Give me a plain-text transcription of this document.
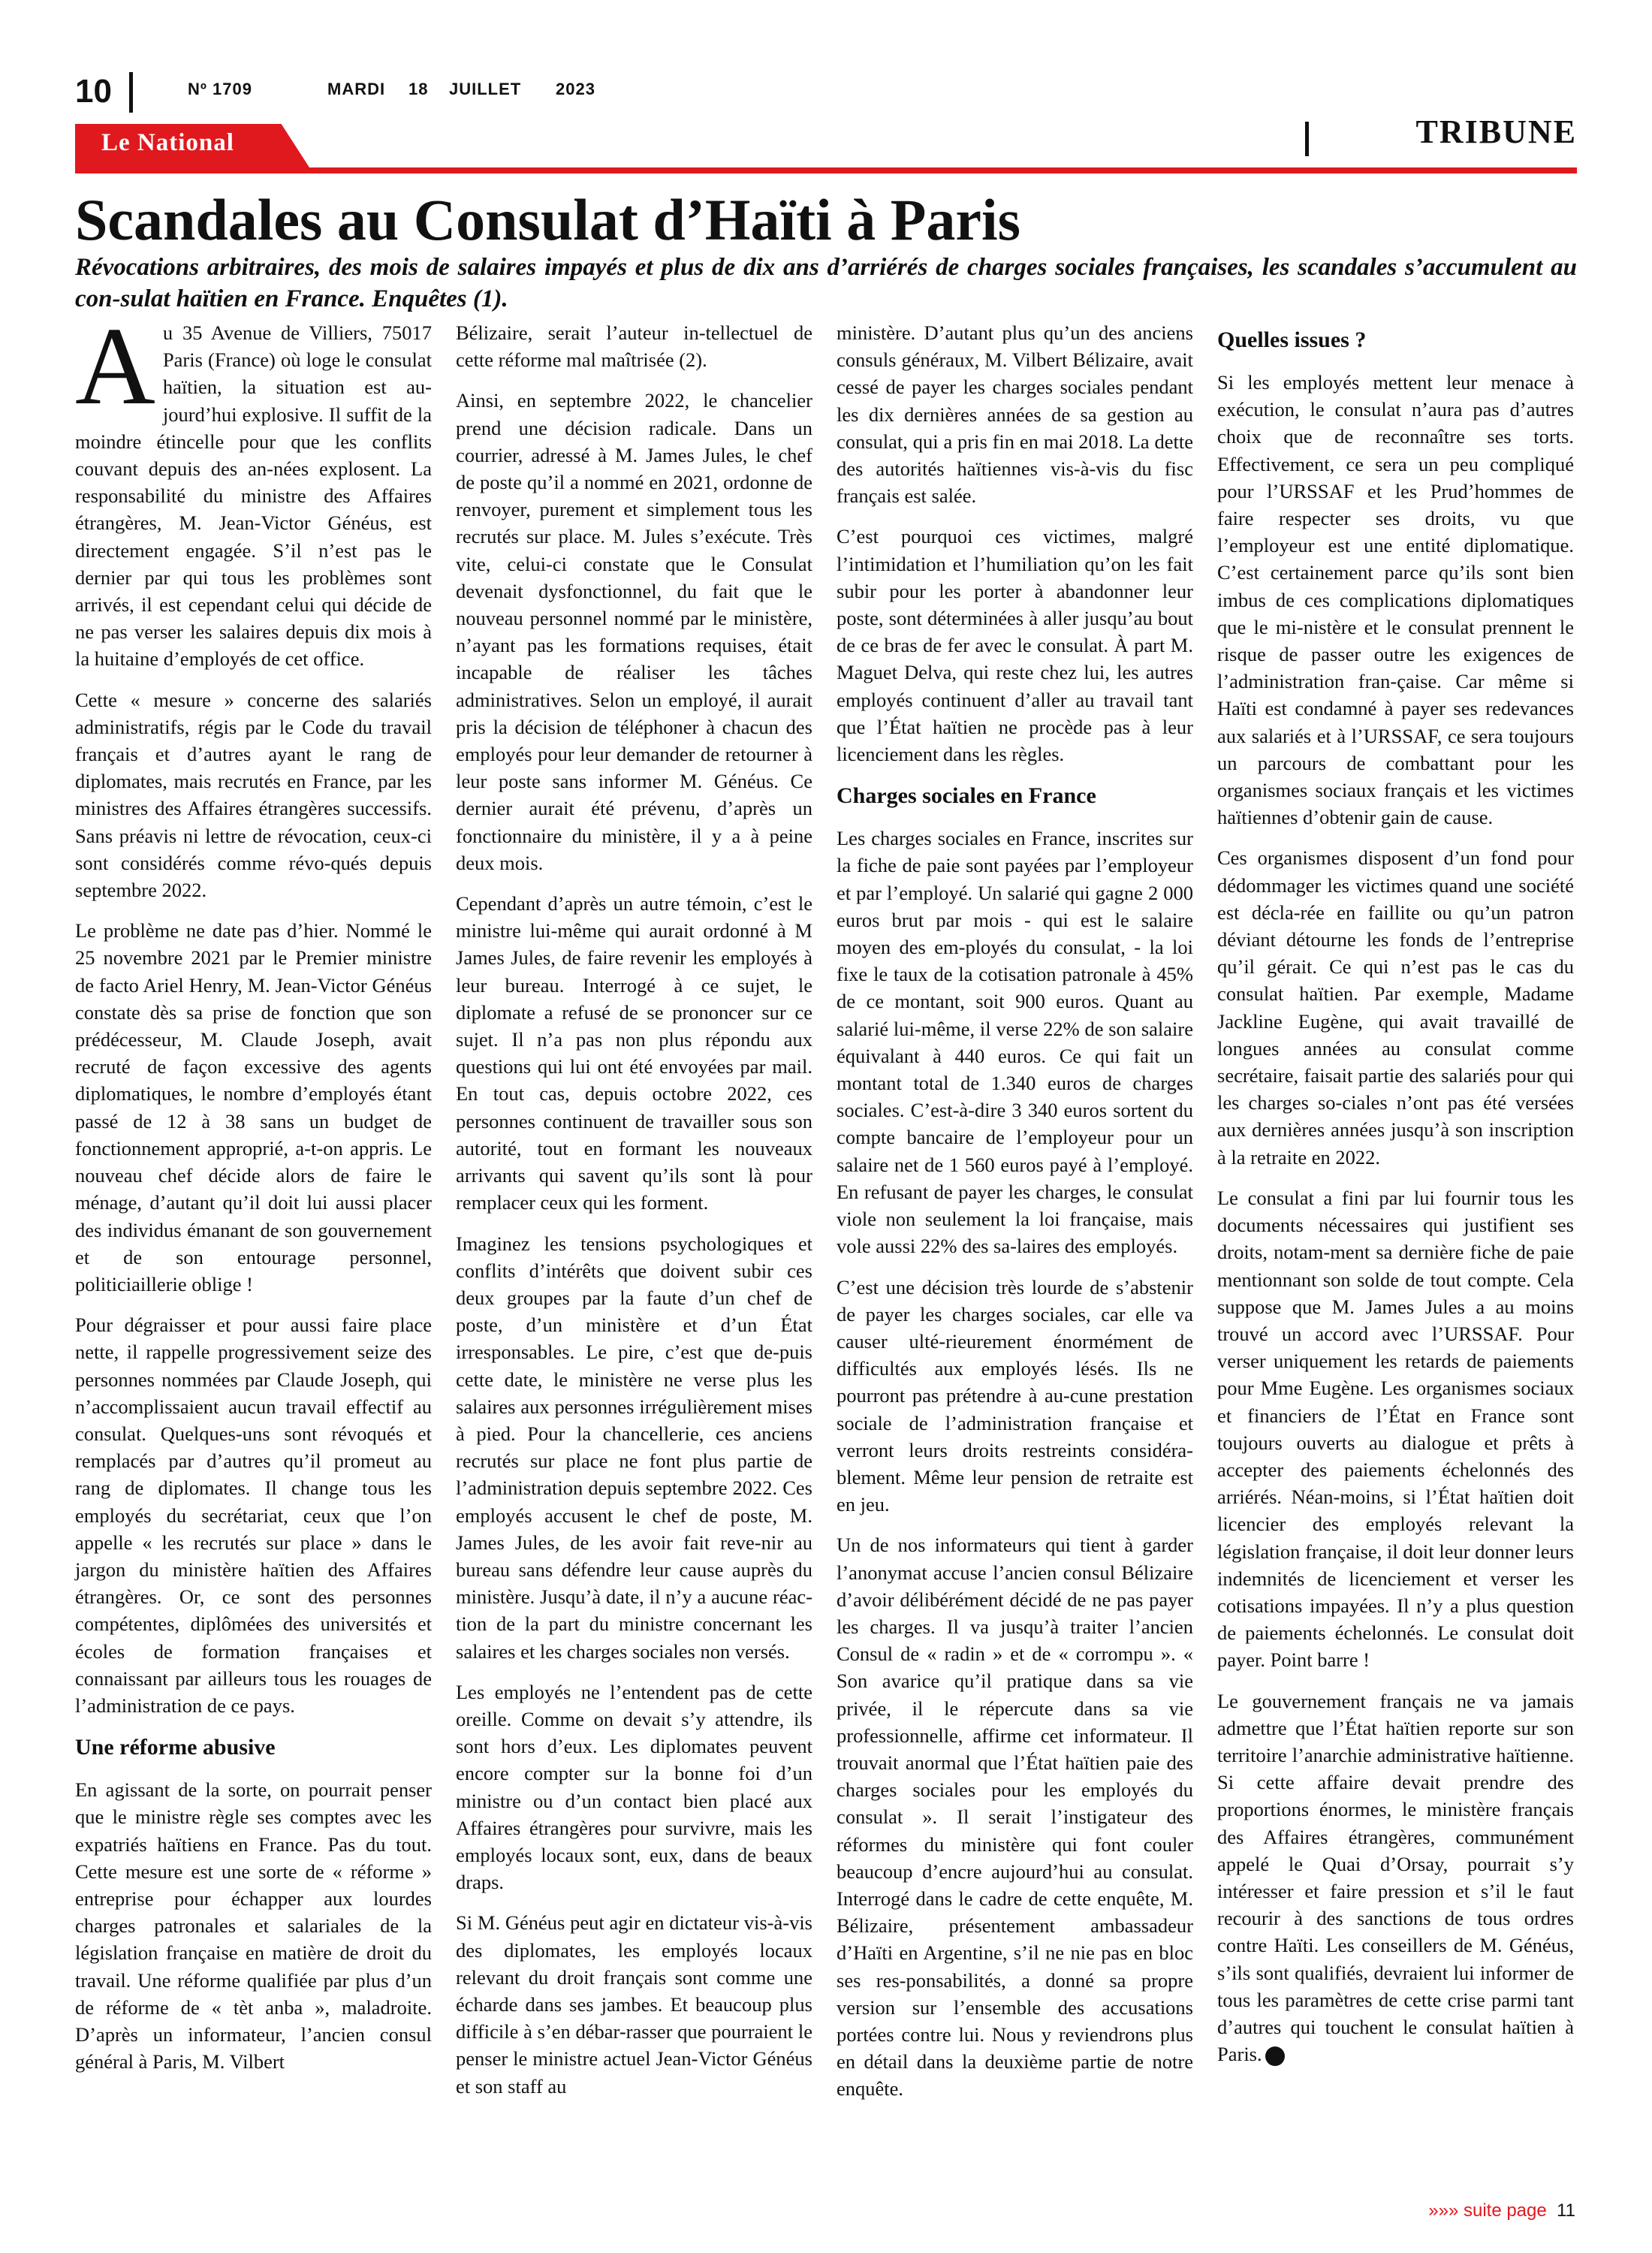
10	Nº 1709	MARDI 18 JUILLET 2023
Le National	TRIBUNE
Scandales au Consulat d’Haïti à Paris

Révocations arbitraires, des mois de salaires impayés et plus de dix ans d’arriérés de charges sociales françaises, les scandales s’accumulent au con-sulat haïtien en France. Enquêtes (1).

Au 35 Avenue de Villiers, 75017 Paris (France) où loge le consulat haïtien, la situation est au-jourd’hui explosive. Il suffit de la moindre étincelle pour que les conflits couvant depuis des an-nées explosent. La responsabilité du ministre des Affaires étrangères, M. Jean-Victor Généus, est directement engagée. S’il n’est pas le dernier par qui tous les problèmes sont arrivés, il est cependant celui qui décide de ne pas verser les salaires depuis dix mois à la huitaine d’employés de cet office.

Cette « mesure » concerne des salariés administratifs, régis par le Code du travail français et d’autres ayant le rang de diplomates, mais recrutés en France, par les ministres des Affaires étrangères successifs. Sans préavis ni lettre de révocation, ceux-ci sont considérés comme révo-qués depuis septembre 2022.

Le problème ne date pas d’hier. Nommé le 25 novembre 2021 par le Premier ministre de facto Ariel Henry, M. Jean-Victor Généus constate dès sa prise de fonction que son prédécesseur, M. Claude Joseph, avait recruté de façon excessive des agents diplomatiques, le nombre d’employés étant passé de 12 à 38 sans un budget de fonctionnement approprié, a-t-on appris. Le nouveau chef décide alors de faire le ménage, d’autant qu’il doit lui aussi placer des individus émanant de son gouvernement et de son entourage personnel, politiciaillerie oblige !

Pour dégraisser et pour aussi faire place nette, il rappelle progressivement seize des personnes nommées par Claude Joseph, qui n’accomplissaient aucun travail effectif au consulat. Quelques-uns sont révoqués et remplacés par d’autres qu’il promeut au rang de diplomates. Il change tous les employés du secrétariat, ceux que l’on appelle « les recrutés sur place » dans le jargon du ministère haïtien des Affaires étrangères. Or, ce sont des personnes compétentes, diplômées des universités et écoles de formation françaises et connaissant par ailleurs tous les rouages de l’administration de ce pays.

Une réforme abusive

En agissant de la sorte, on pourrait penser que le ministre règle ses comptes avec les expatriés haïtiens en France. Pas du tout. Cette mesure est une sorte de « réforme » entreprise pour échapper aux lourdes charges patronales et salariales de la législation française en matière de droit du travail. Une réforme qualifiée par plus d’un de réforme de « tèt anba », maladroite. D’après un informateur, l’ancien consul général à Paris, M. Vilbert

Bélizaire, serait l’auteur in-tellectuel de cette réforme mal maîtrisée (2).

Ainsi, en septembre 2022, le chancelier prend une décision radicale. Dans un courrier, adressé à M. James Jules, le chef de poste qu’il a nommé en 2021, ordonne de renvoyer, purement et simplement tous les recrutés sur place. M. Jules s’exécute. Très vite, celui-ci constate que le Consulat devenait dysfonctionnel, du fait que le nouveau personnel nommé par le ministère, n’ayant pas les formations requises, était incapable de réaliser les tâches administratives. Selon un employé, il aurait pris la décision de téléphoner à chacun des employés pour leur demander de retourner à leur poste sans informer M. Généus. Ce dernier aurait été prévenu, d’après un fonctionnaire du ministère, il y a à peine deux mois.

Cependant d’après un autre témoin, c’est le ministre lui-même qui aurait ordonné à M James Jules, de faire revenir les employés à leur bureau. Interrogé à ce sujet, le diplomate a refusé de se prononcer sur ce sujet. Il n’a pas non plus répondu aux questions qui lui ont été envoyées par mail. En tout cas, depuis octobre 2022, ces personnes continuent de travailler sous son autorité, tout en formant les nouveaux arrivants qui savent qu’ils sont là pour remplacer ceux qui les forment.

Imaginez les tensions psychologiques et conflits d’intérêts que doivent subir ces deux groupes par la faute d’un chef de poste, d’un ministère et d’un État irresponsables. Le pire, c’est que de-puis cette date, le ministère ne verse plus les salaires aux personnes irrégulièrement mises à pied. Pour la chancellerie, ces anciens recrutés sur place ne font plus partie de l’administration depuis septembre 2022. Ces employés accusent le chef de poste, M. James Jules, de les avoir fait reve-nir au bureau sans défendre leur cause auprès du ministère. Jusqu’à date, il n’y a aucune réac-tion de la part du ministre concernant les salaires et les charges sociales non versés.

Les employés ne l’entendent pas de cette oreille. Comme on devait s’y attendre, ils sont hors d’eux. Les diplomates peuvent encore compter sur la bonne foi d’un ministre ou d’un contact bien placé aux Affaires étrangères pour survivre, mais les employés locaux sont, eux, dans de beaux draps.

Si M. Généus peut agir en dictateur vis-à-vis des diplomates, les employés locaux relevant du droit français sont comme une écharde dans ses jambes. Et beaucoup plus difficile à s’en débar-rasser que pourraient le penser le ministre actuel Jean-Victor Généus et son staff au

ministère. D’autant plus qu’un des anciens consuls généraux, M. Vilbert Bélizaire, avait cessé de payer les charges sociales pendant les dix dernières années de sa gestion au consulat, qui a pris fin en mai 2018. La dette des autorités haïtiennes vis-à-vis du fisc français est salée.

C’est pourquoi ces victimes, malgré l’intimidation et l’humiliation qu’on les fait subir pour les porter à abandonner leur poste, sont déterminées à aller jusqu’au bout de ce bras de fer avec le consulat. À part M. Maguet Delva, qui reste chez lui, les autres employés continuent d’aller au travail tant que l’État haïtien ne procède pas à leur licenciement dans les règles.

Charges sociales en France

Les charges sociales en France, inscrites sur la fiche de paie sont payées par l’employeur et par l’employé. Un salarié qui gagne 2 000 euros brut par mois - qui est le salaire moyen des em-ployés du consulat, - la loi fixe le taux de la cotisation patronale à 45% de ce montant, soit 900 euros. Quant au salarié lui-même, il verse 22% de son salaire équivalant à 440 euros. Ce qui fait un montant total de 1.340 euros de charges sociales. C’est-à-dire 3 340 euros sortent du compte bancaire de l’employeur pour un salaire net de 1 560 euros payé à l’employé. En refusant de payer les charges, le consulat viole non seulement la loi française, mais vole aussi 22% des sa-laires des employés.

C’est une décision très lourde de s’abstenir de payer les charges sociales, car elle va causer ulté-rieurement énormément de difficultés aux employés lésés. Ils ne pourront pas prétendre à au-cune prestation sociale de l’administration française et verront leurs droits restreints considéra-blement. Même leur pension de retraite est en jeu.

Un de nos informateurs qui tient à garder l’anonymat accuse l’ancien consul Bélizaire d’avoir délibérément décidé de ne pas payer les charges. Il va jusqu’à traiter l’ancien Consul de « radin » et de « corrompu ». « Son avarice qu’il pratique dans sa vie privée, il le répercute dans sa vie professionnelle, affirme cet informateur. Il trouvait anormal que l’État haïtien paie des charges sociales pour les employés du consulat ». Il serait l’instigateur des réformes du ministère qui font couler beaucoup d’encre aujourd’hui au consulat. Interrogé dans le cadre de cette enquête, M. Bélizaire, présentement ambassadeur d’Haïti en Argentine, s’il ne nie pas en bloc ses res-ponsabilités, a donné sa propre version sur l’ensemble des accusations portées contre lui. Nous y reviendrons plus en détail dans la deuxième partie de notre enquête.

Quelles issues ?

Si les employés mettent leur menace à exécution, le consulat n’aura pas d’autres choix que de reconnaître ses torts. Effectivement, ce sera un peu compliqué pour l’URSSAF et les Prud’hommes de faire respecter ses droits, vu que l’employeur est une entité diplomatique. C’est certainement parce qu’ils sont bien imbus de ces complications diplomatiques que le mi-nistère et le consulat prennent le risque de passer outre les exigences de l’administration fran-çaise. Car même si Haïti est condamné à payer ses redevances aux salariés et à l’URSSAF, ce sera toujours un parcours de combattant pour les organismes sociaux français et les victimes haïtiennes d’obtenir gain de cause.

Ces organismes disposent d’un fond pour dédommager les victimes quand une société est décla-rée en faillite ou qu’un patron déviant détourne les fonds de l’entreprise qu’il gérait. Ce qui n’est pas le cas du consulat haïtien. Par exemple, Madame Jackline Eugène, qui avait travaillé de longues années au consulat comme secrétaire, faisait partie des salariés pour qui les charges so-ciales n’ont pas été versées aux dernières années jusqu’à son inscription à la retraite en 2022.

Le consulat a fini par lui fournir tous les documents nécessaires qui justifient ses droits, notam-ment sa dernière fiche de paie mentionnant son solde de tout compte. Cela suppose que M. James Jules a au moins trouvé un accord avec l’URSSAF. Pour verser uniquement les retards de paiements pour Mme Eugène. Les organismes sociaux et financiers de l’État en France sont toujours ouverts au dialogue et prêts à accepter des paiements échelonnés des arriérés. Néan-moins, si l’État haïtien doit licencier des employés relevant la législation française, il doit leur donner leurs indemnités de licenciement et verser les cotisations impayées. Il n’y a plus question de paiements échelonnés. Le consulat doit payer. Point barre !

Le gouvernement français ne va jamais admettre que l’État haïtien reporte sur son territoire l’anarchie administrative haïtienne. Si cette affaire devait prendre des proportions énormes, le ministère français des Affaires étrangères, communément appelé le Quai d’Orsay, pourrait s’y intéresser et faire pression et s’il le faut recourir à des sanctions de tous ordres contre Haïti. Les conseillers de M. Généus, s’ils sont qualifiés, devraient lui informer de tous les paramètres de cette crise parmi tant d’autres qui touchent le consulat haïtien à Paris.

»»» suite page 11
